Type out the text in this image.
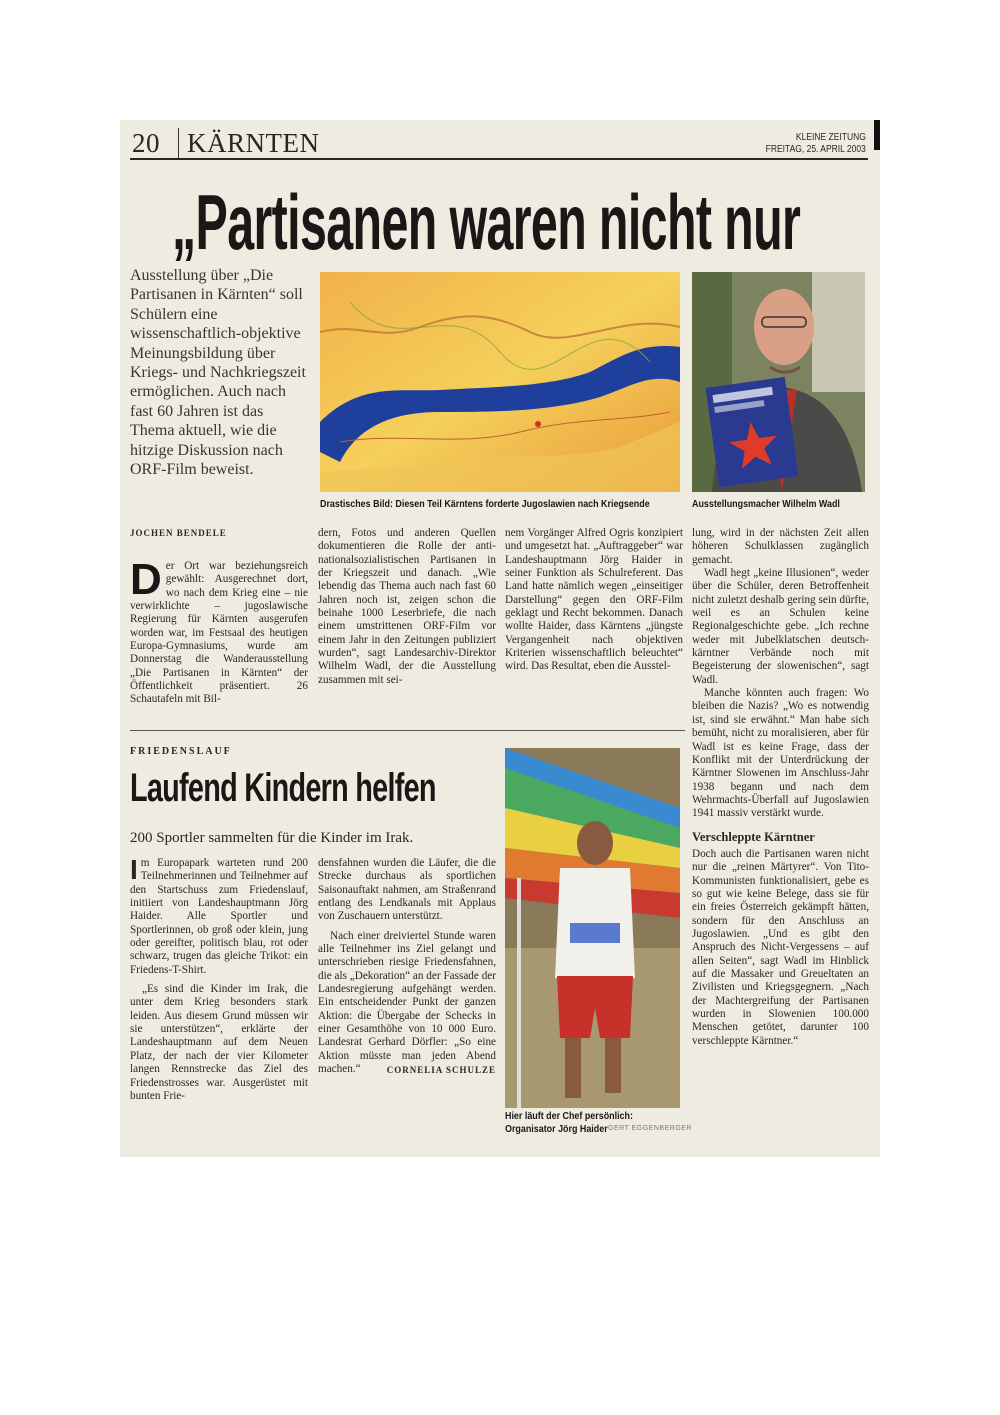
20	KÄRNTEN	KLEINE ZEITUNG
FREITAG, 25. APRIL 2003
„Partisanen waren nicht nur
Ausstellung über „Die Partisanen in Kärnten“ soll Schülern eine wissenschaftlich-objektive Meinungsbildung über Kriegs- und Nachkriegszeit ermöglichen. Auch nach fast 60 Jahren ist das Thema aktuell, wie die hitzige Diskussion nach ORF-Film beweist.
JOCHEN BENDELE
Drastisches Bild: Diesen Teil Kärntens forderte Jugoslawien nach Kriegsende	Ausstellungsmacher Wilhelm Wadl
D er Ort war beziehungsreich gewählt: Ausgerechnet dort, wo nach dem Krieg eine – nie verwirklichte – jugoslawische Regierung für Kärnten ausgerufen worden war, im Festsaal des heutigen Europa-Gymnasiums, wurde am Donnerstag die Wanderausstellung „Die Partisanen in Kärnten“ der Öffentlichkeit präsentiert. 26 Schautafeln mit Bil-
dern, Fotos und anderen Quellen dokumentieren die Rolle der anti-nationalsozialistischen Partisanen in der Kriegszeit und danach. „Wie lebendig das Thema auch nach fast 60 Jahren noch ist, zeigen schon die beinahe 1000 Leserbriefe, die nach einem umstrittenen ORF-Film vor einem Jahr in den Zeitungen publiziert wurden“, sagt Landesarchiv-Direktor Wilhelm Wadl, der die Ausstellung zusammen mit sei-
nem Vorgänger Alfred Ogris konzipiert und umgesetzt hat. „Auftraggeber“ war Landeshauptmann Jörg Haider in seiner Funktion als Schulreferent. Das Land hatte nämlich wegen „einseitiger Darstellung“ gegen den ORF-Film geklagt und Recht bekommen. Danach wollte Haider, dass Kärntens „jüngste Vergangenheit nach objektiven Kriterien wissenschaftlich beleuchtet“ wird. Das Resultat, eben die Ausstel-

lung, wird in der nächsten Zeit allen höheren Schulklassen zugänglich gemacht.

Wadl hegt „keine Illusionen“, weder über die Schüler, deren Betroffenheit nicht zuletzt deshalb gering sein dürfte, weil es an Schulen keine Regionalgeschichte gebe. „Ich rechne weder mit Jubelklatschen deutsch-kärntner Verbände noch mit Begeisterung der slowenischen“, sagt Wadl.

Manche könnten auch fragen: Wo bleiben die Nazis? „Wo es notwendig ist, sind sie erwähnt.“ Man habe sich bemüht, nicht zu moralisieren, aber für Wadl ist es keine Frage, dass der Konflikt mit der Unterdrückung der Kärntner Slowenen im Anschluss-Jahr 1938 begann und nach dem Wehrmachts-Überfall auf Jugoslawien 1941 massiv verstärkt wurde.

Verschleppte Kärntner

Doch auch die Partisanen waren nicht nur die „reinen Märtyrer“. Von Tito-Kommunisten funktionalisiert, gebe es so gut wie keine Belege, dass sie für ein freies Österreich gekämpft hätten, sondern für den Anschluss an Jugoslawien. „Und es gibt den Anspruch des Nicht-Vergessens – auf allen Seiten“, sagt Wadl im Hinblick auf die Massaker und Greueltaten an Zivilisten und Kriegsgegnern. „Nach der Machtergreifung der Partisanen wurden in Slowenien 100.000 Menschen getötet, darunter 100 verschleppte Kärntner.“

FRIEDENSLAUF
Laufend Kindern helfen
200 Sportler sammelten für die Kinder im Irak.

Im Europapark warteten rund 200 Teilnehmerinnen und Teilnehmer auf den Startschuss zum Friedenslauf, initiiert von Landeshauptmann Jörg Haider. Alle Sportler und Sportlerinnen, ob groß oder klein, jung oder gereifter, politisch blau, rot oder schwarz, trugen das gleiche Trikot: ein Friedens-T-Shirt.

„Es sind die Kinder im Irak, die unter dem Krieg besonders stark leiden. Aus diesem Grund müssen wir sie unterstützen“, erklärte der Landeshauptmann auf dem Neuen Platz, der nach der vier Kilometer langen Rennstrecke das Ziel des Friedenstrosses war. Ausgerüstet mit bunten Frie-

densfahnen wurden die Läufer, die die Strecke durchaus als sportlichen Saisonauftakt nahmen, am Straßenrand entlang des Lendkanals mit Applaus von Zuschauern unterstützt.

Nach einer dreiviertel Stunde waren alle Teilnehmer ins Ziel gelangt und unterschrieben riesige Friedensfahnen, die als „Dekoration“ an der Fassade der Landesregierung aufgehängt werden. Ein entscheidender Punkt der ganzen Aktion: die Übergabe der Schecks in einer Gesamthöhe von 10 000 Euro. Landesrat Gerhard Dörfler: „So eine Aktion müsste man jeden Abend machen.“	CORNELIA SCHULZE
Hier läuft der Chef persönlich: Organisator Jörg Haider GERT EGGENBERGER
